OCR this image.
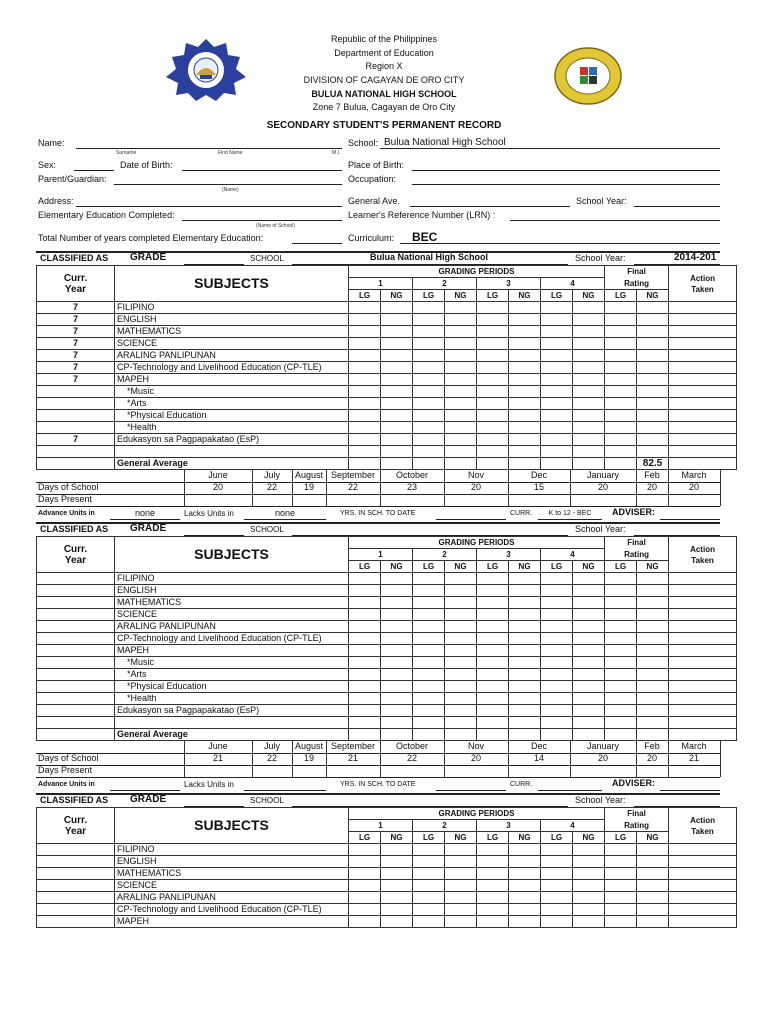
Republic of the Philippines
Department of Education
Region X
DIVISION OF CAGAYAN DE ORO CITY
BULUA NATIONAL HIGH SCHOOL
Zone 7 Bulua, Cagayan de Oro City
SECONDARY STUDENT'S PERMANENT RECORD
Name:
Surname	First Name	M.I.
School: Bulua National High School
Sex:	Date of Birth:	Place of Birth:
Parent/Guardian:	Occupation:
(Name)
Address:	General Ave.	School Year:
Elementary Education Completed:	Learner's Reference Number (LRN) :
(Name of School)
Total Number of years completed Elementary Education:	Curriculum: BEC
CLASSIFIED AS GRADE	SCHOOL	Bulua National High School	2014-201
School Year:
Curr.
Year	SUBJECTS	GRADING PERIODS								Final		Action
Taken
		1		2		3		4		Rating		
		LG	NG	LG	NG	LG	NG	LG	NG	LG	NG	
7	FILIPINO											
7	ENGLISH											
7	MATHEMATICS											
7	SCIENCE											
7	ARALING PANLIPUNAN											
7	CP-Technology and Livelihood Education (CP-TLE)											
7	MAPEH											
	*Music											
	*Arts											
	*Physical Education											
	*Health											
7	Edukasyon sa Pagpapakatao (EsP)											

	General Average										82.5	
June	July	August September	October	Nov	Dec	January	Feb	March
Days of School	20	22	19	22	23	20	15	20	20	20
Days Present
Advance Units in	none	Lacks Units in	none	YRS. IN SCH. TO DATE	CURR.	K to 12 - BEC	ADVISER:
CLASSIFIED AS GRADE	SCHOOL	School Year:
Curr.
Year	SUBJECTS	GRADING PERIODS								Final		Action
Taken
		1		2		3		4		Rating		
		LG	NG	LG	NG	LG	NG	LG	NG	LG	NG	
	FILIPINO											
	ENGLISH											
	MATHEMATICS											
	SCIENCE											
	ARALING PANLIPUNAN											
	CP-Technology and Livelihood Education (CP-TLE)											
	MAPEH											
	*Music											
	*Arts											
	*Physical Education											
	*Health											
	Edukasyon sa Pagpapakatao (EsP)											

	General Average											
June	July	August September	October	Nov	Dec	January	Feb	March
Days of School	21	22	19	21	22	20	14	20	20	21
Days Present
Advance Units in	Lacks Units in	YRS. IN SCH. TO DATE	CURR.	ADVISER:
CLASSIFIED AS GRADE	SCHOOL	School Year:
Curr.
Year	SUBJECTS	GRADING PERIODS								Final		Action
Taken
		1		2		3		4		Rating		
		LG	NG	LG	NG	LG	NG	LG	NG	LG	NG	
	FILIPINO											
	ENGLISH											
	MATHEMATICS											
	SCIENCE											
	ARALING PANLIPUNAN											
	CP-Technology and Livelihood Education (CP-TLE)											
	MAPEH											
